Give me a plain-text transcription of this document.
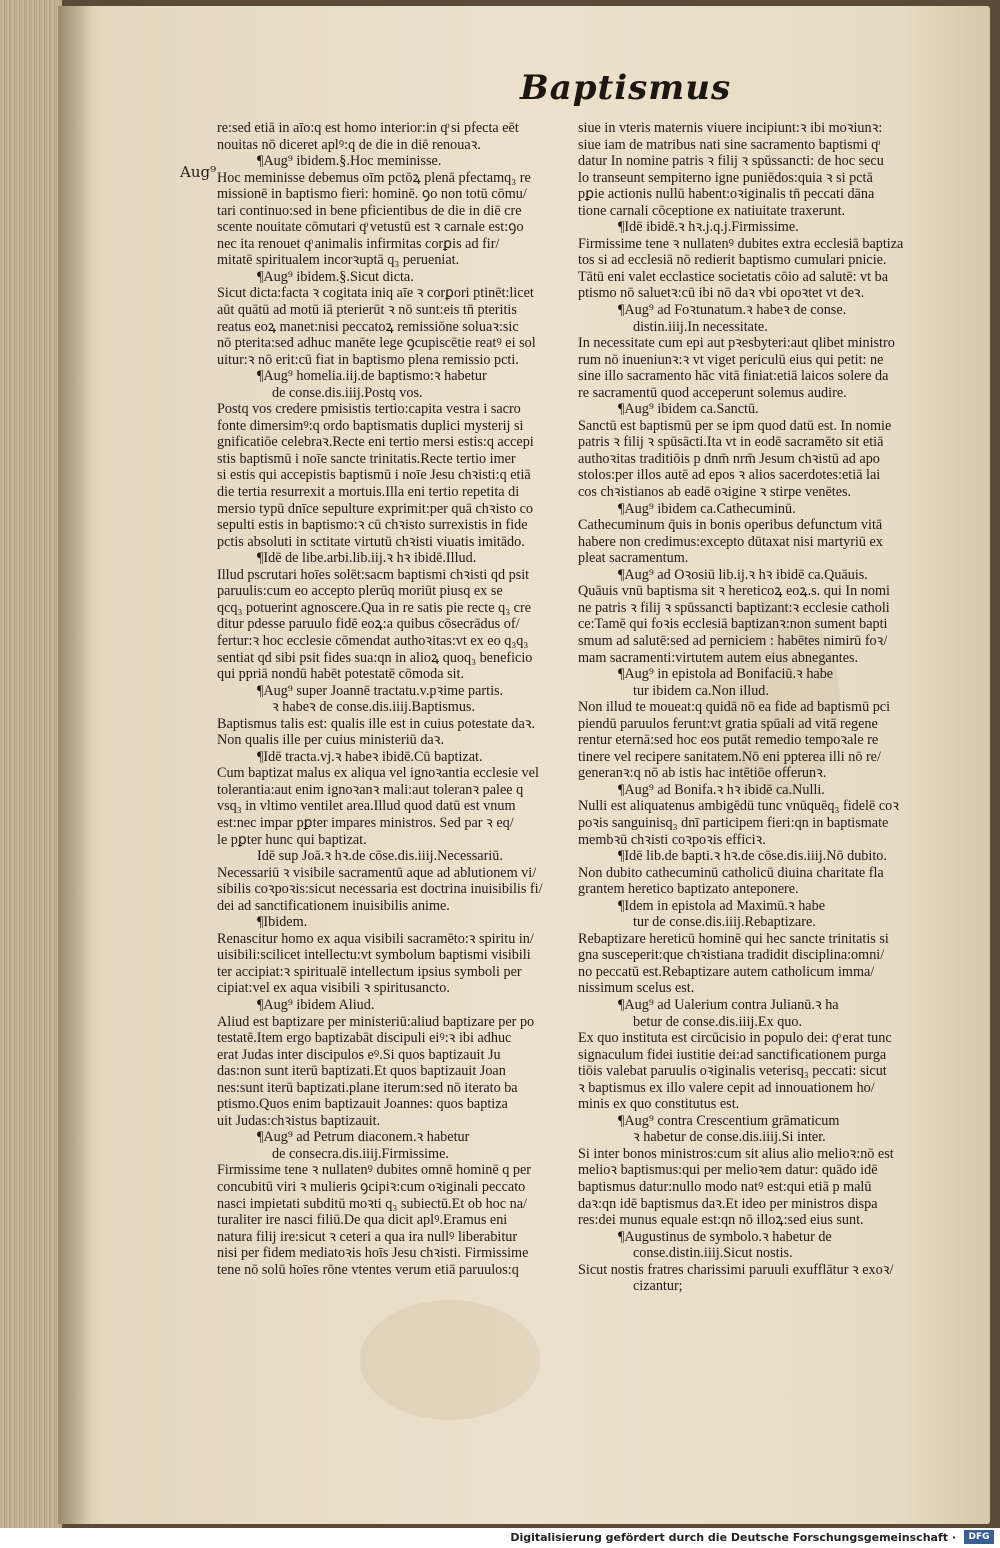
Baptismus
Aug⁹
re:sed etiā in aīo:q est homo interior:in qͦ si pfecta eēt
nouitas nō diceret aplꝰ:q de die in diē renouaꝛ.
¶Aug⁹ ibidem.§.Hoc meminisse.
Hoc meminisse debemus oīm pctōꝝ plenā pfectamq₃ re
missionē in baptismo fieri: hominē. ꝯo non totū cōmu/
tari continuo:sed in bene pficientibus de die in diē cre
scente nouitate cōmutari qͦ vetustū est ꝛ carnale est:ꝯo
nec ita renouet qͦ animalis infirmitas corꝑis ad fir/
mitatē spiritualem incorꝛuptā q₃ perueniat.
¶Aug⁹ ibidem.§.Sicut dicta.
Sicut dicta:facta ꝛ cogitata iniq aīe ꝛ corꝑori ptinēt:licet
aūt quātū ad motū iā pterierūt ꝛ nō sunt:eis tn̄ pteritis
reatus eoꝝ manet:nisi peccatoꝝ remissiōne soluaꝛ:sic
nō pterita:sed adhuc manēte lege ꝯcupiscētie reatꝰ ei sol
uitur:ꝛ nō erit:cū fiat in baptismo plena remissio pcti.
¶Aug⁹ homelia.iij.de baptismo:ꝛ habetur
de conse.dis.iiij.Postq vos.
Postq vos credere pmisistis tertio:capita vestra i sacro
fonte dimersimꝰ:q ordo baptismatis duplici mysterij si
gnificatiōe celebraꝛ.Recte eni tertio mersi estis:q accepi
stis baptismū i noīe sancte trinitatis.Recte tertio imer
si estis qui accepistis baptismū i noīe Jesu chꝛisti:q etiā
die tertia resurrexit a mortuis.Illa eni tertio repetita di
mersio typū dnīce sepulture exprimit:per quā chꝛisto co
sepulti estis in baptismo:ꝛ cū chꝛisto surrexistis in fide
pctis absoluti in sctitate virtutū chꝛisti viuatis imitādo.
¶Idē de libe.arbi.lib.iij.ꝛ hꝛ ibidē.Illud.
Illud pscrutari hoīes solēt:sacm baptismi chꝛisti qd psit
paruulis:cum eo accepto plerūq moriūt piusq ex se
qcq₃ potuerint agnoscere.Qua in re satis pie recte q₃ cre
ditur pdesse paruulo fidē eoꝝ:a quibus cōsecrādus of/
fertur:ꝛ hoc ecclesie cōmendat authoꝛitas:vt ex eo q₃q₃
sentiat qd sibi psit fides sua:qn in alioꝝ quoq₃ beneficio
qui ppriā nondū habēt potestatē cōmoda sit.
¶Aug⁹ super Joannē tractatu.v.pꝛime partis.
ꝛ habeꝛ de conse.dis.iiij.Baptismus.
Baptismus talis est: qualis ille est in cuius potestate daꝛ.
Non qualis ille per cuius ministeriū daꝛ.
¶Idē tracta.vj.ꝛ habeꝛ ibidē.Cū baptizat.
Cum baptizat malus ex aliqua vel ignoꝛantia ecclesie vel
tolerantia:aut enim ignoꝛanꝛ mali:aut toleranꝛ palee q
vsq₃ in vltimo ventilet area.Illud quod datū est vnum
est:nec impar pꝑter impares ministros. Sed par ꝛ eq/
le pꝑter hunc qui baptizat.
Idē sup Joā.ꝛ hꝛ.de cōse.dis.iiij.Necessariū.
Necessariū ꝛ visibile sacramentū aque ad ablutionem vi/
sibilis coꝛpoꝛis:sicut necessaria est doctrina inuisibilis fi/
dei ad sanctificationem inuisibilis anime.
¶Ibidem.
Renascitur homo ex aqua visibili sacramēto:ꝛ spiritu in/
uisibili:scilicet intellectu:vt symbolum baptismi visibili
ter accipiat:ꝛ spiritualē intellectum ipsius symboli per
cipiat:vel ex aqua visibili ꝛ spiritusancto.
¶Aug⁹ ibidem Aliud.
Aliud est baptizare per ministeriū:aliud baptizare per po
testatē.Item ergo baptizabāt discipuli eiꝰ:ꝛ ibi adhuc
erat Judas inter discipulos eꝰ.Si quos baptizauit Ju
das:non sunt iterū baptizati.Et quos baptizauit Joan
nes:sunt iterū baptizati.plane iterum:sed nō iterato ba
ptismo.Quos enim baptizauit Joannes: quos baptiza
uit Judas:chꝛistus baptizauit.
¶Aug⁹ ad Petrum diaconem.ꝛ habetur
de consecra.dis.iiij.Firmissime.
Firmissime tene ꝛ nullatenꝰ dubites omnē hominē q per
concubitū viri ꝛ mulieris ꝯcipiꝛ:cum oꝛiginali peccato
nasci impietati subditū moꝛti q₃ subiectū.Et ob hoc na/
turaliter ire nasci filiū.De qua dicit aplꝰ.Eramus eni
natura filij ire:sicut ꝛ ceteri a qua ira nullꝰ liberabitur
nisi per fidem mediatoꝛis hoīs Jesu chꝛisti. Firmissime
tene nō solū hoīes rōne vtentes verum etiā paruulos:q
siue in vteris maternis viuere incipiunt:ꝛ ibi moꝛiunꝛ:
siue iam de matribus nati sine sacramento baptismi qͦ
datur In nomine patris ꝛ filij ꝛ spūssancti: de hoc secu
lo transeunt sempiterno igne puniēdos:quia ꝛ si pctā
pꝑie actionis nullū habent:oꝛiginalis tn̄ peccati dāna
tione carnali cōceptione ex natiuitate traxerunt.
¶Idē ibidē.ꝛ hꝛ.j.q.j.Firmissime.
Firmissime tene ꝛ nullatenꝰ dubites extra ecclesiā baptiza
tos si ad ecclesiā nō redierit baptismo cumulari pnicie.
Tātū eni valet ecclastice societatis cōio ad salutē: vt ba
ptismo nō saluetꝛ:cū ibi nō daꝛ vbi opoꝛtet vt deꝛ.
¶Aug⁹ ad Foꝛtunatum.ꝛ habeꝛ de conse.
distin.iiij.In necessitate.
In necessitate cum epi aut pꝛesbyteri:aut qlibet ministro
rum nō inueniunꝛ:ꝛ vt viget periculū eius qui petit: ne
sine illo sacramento hāc vitā finiat:etiā laicos solere da
re sacramentū quod acceperunt solemus audire.
¶Aug⁹ ibidem ca.Sanctū.
Sanctū est baptismū per se ipm quod datū est. In nomie
patris ꝛ filij ꝛ spūsācti.Ita vt in eodē sacramēto sit etiā
authoꝛitas traditiōis p dnm̄ nrm̄ Jesum chꝛistū ad apo
stolos:per illos autē ad epos ꝛ alios sacerdotes:etiā lai
cos chꝛistianos ab eadē oꝛigine ꝛ stirpe venētes.
¶Aug⁹ ibidem ca.Cathecuminū.
Cathecuminum q̄uis in bonis operibus defunctum vitā
habere non credimus:excepto dūtaxat nisi martyriū ex
pleat sacramentum.
¶Aug⁹ ad Oꝛosiū lib.ij.ꝛ hꝛ ibidē ca.Quāuis.
Quāuis vnū baptisma sit ꝛ hereticoꝝ eoꝝ.s. qui In nomi
ne patris ꝛ filij ꝛ spūssancti baptizant:ꝛ ecclesie catholi
ce:Tamē qui foꝛis ecclesiā baptizanꝛ:non sument bapti
smum ad salutē:sed ad perniciem : habētes nimirū foꝛ/
mam sacramenti:virtutem autem eius abnegantes.
¶Aug⁹ in epistola ad Bonifaciū.ꝛ habe
tur ibidem ca.Non illud.
Non illud te moueat:q quidā nō ea fide ad baptismū pci
piendū paruulos ferunt:vt gratia spūali ad vitā regene
rentur eternā:sed hoc eos putāt remedio tempoꝛale re
tinere vel recipere sanitatem.Nō eni ppterea illi nō re/
generanꝛ:q nō ab istis hac intētiōe offerunꝛ.
¶Aug⁹ ad Bonifa.ꝛ hꝛ ibidē ca.Nulli.
Nulli est aliquatenus ambigēdū tunc vnūquēq₃ fidelē coꝛ
poꝛis sanguinisq₃ dnī participem fieri:qn in baptismate
membꝛū chꝛisti coꝛpoꝛis efficiꝛ.
¶Idē lib.de bapti.ꝛ hꝛ.de cōse.dis.iiij.Nō dubito.
Non dubito cathecuminū catholicū diuina charitate fla
grantem heretico baptizato anteponere.
¶Idem in epistola ad Maximū.ꝛ habe
tur de conse.dis.iiij.Rebaptizare.
Rebaptizare hereticū hominē qui hec sancte trinitatis si
gna susceperit:que chꝛistiana tradidit disciplina:omni/
no peccatū est.Rebaptizare autem catholicum imma/
nissimum scelus est.
¶Aug⁹ ad Ualerium contra Julianū.ꝛ ha
betur de conse.dis.iiij.Ex quo.
Ex quo instituta est circūcisio in populo dei: qͦ erat tunc
signaculum fidei iustitie dei:ad sanctificationem purga
tiōis valebat paruulis oꝛiginalis veterisq₃ peccati: sicut
ꝛ baptismus ex illo valere cepit ad innouationem ho/
minis ex quo constitutus est.
¶Aug⁹ contra Crescentium grāmaticum
ꝛ habetur de conse.dis.iiij.Si inter.
Si inter bonos ministros:cum sit alius alio melioꝛ:nō est
melioꝛ baptismus:qui per melioꝛem datur: quādo idē
baptismus datur:nullo modo natꝰ est:qui etiā p malū
daꝛ:qn idē baptismus daꝛ.Et ideo per ministros dispa
res:dei munus equale est:qn nō illoꝝ:sed eius sunt.
¶Augustinus de symbolo.ꝛ habetur de
conse.distin.iiij.Sicut nostis.
Sicut nostis fratres charissimi paruuli exufflātur ꝛ exoꝛ/
cizantur;
Digitalisierung gefördert durch die Deutsche Forschungsgemeinschaft ·	DFG
